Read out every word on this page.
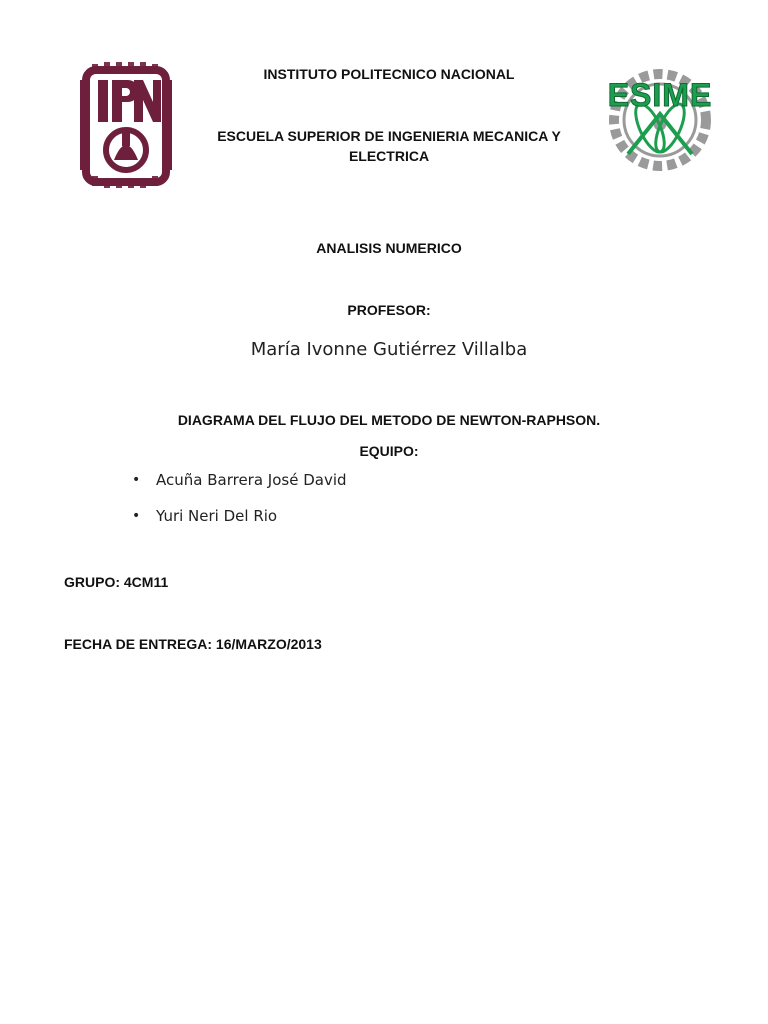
ESIME
INSTITUTO POLITECNICO NACIONAL
ESCUELA SUPERIOR DE INGENIERIA MECANICA Y ELECTRICA
ANALISIS NUMERICO
PROFESOR:
María Ivonne Gutiérrez Villalba
DIAGRAMA DEL FLUJO DEL METODO DE NEWTON-RAPHSON.
EQUIPO:
• Acuña Barrera José David
• Yuri Neri Del Rio
GRUPO: 4CM11
FECHA DE ENTREGA: 16/MARZO/2013
